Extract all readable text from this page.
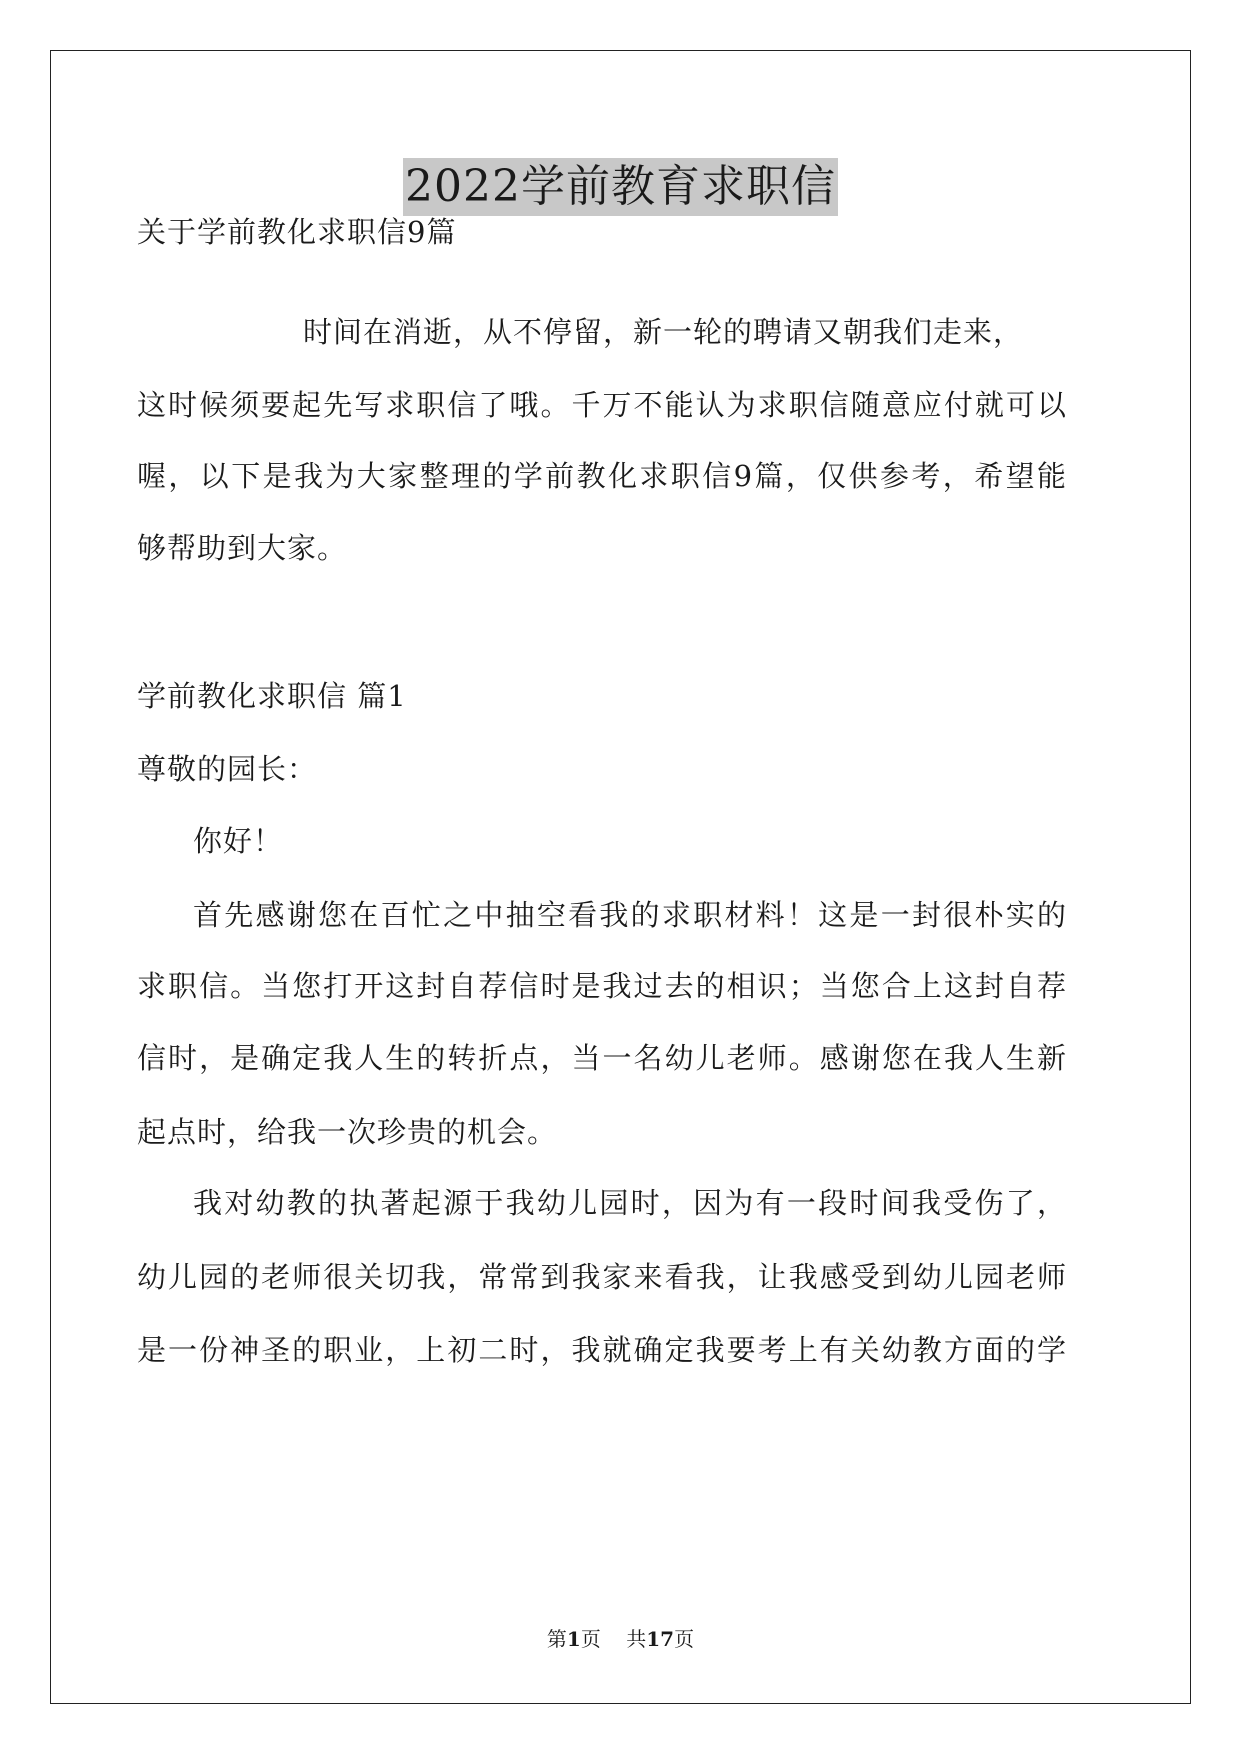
2022学前教育求职信
关于学前教化求职信9篇
时间在消逝，从不停留，新一轮的聘请又朝我们走来，
这时候须要起先写求职信了哦。千万不能认为求职信随意应付就可以
喔，以下是我为大家整理的学前教化求职信9篇，仅供参考，希望能
够帮助到大家。
学前教化求职信 篇1
尊敬的园长：
你好！
首先感谢您在百忙之中抽空看我的求职材料！这是一封很朴实的
求职信。当您打开这封自荐信时是我过去的相识；当您合上这封自荐
信时，是确定我人生的转折点，当一名幼儿老师。感谢您在我人生新
起点时，给我一次珍贵的机会。
我对幼教的执著起源于我幼儿园时，因为有一段时间我受伤了，
幼儿园的老师很关切我，常常到我家来看我，让我感受到幼儿园老师
是一份神圣的职业，上初二时，我就确定我要考上有关幼教方面的学
第1页 共17页
